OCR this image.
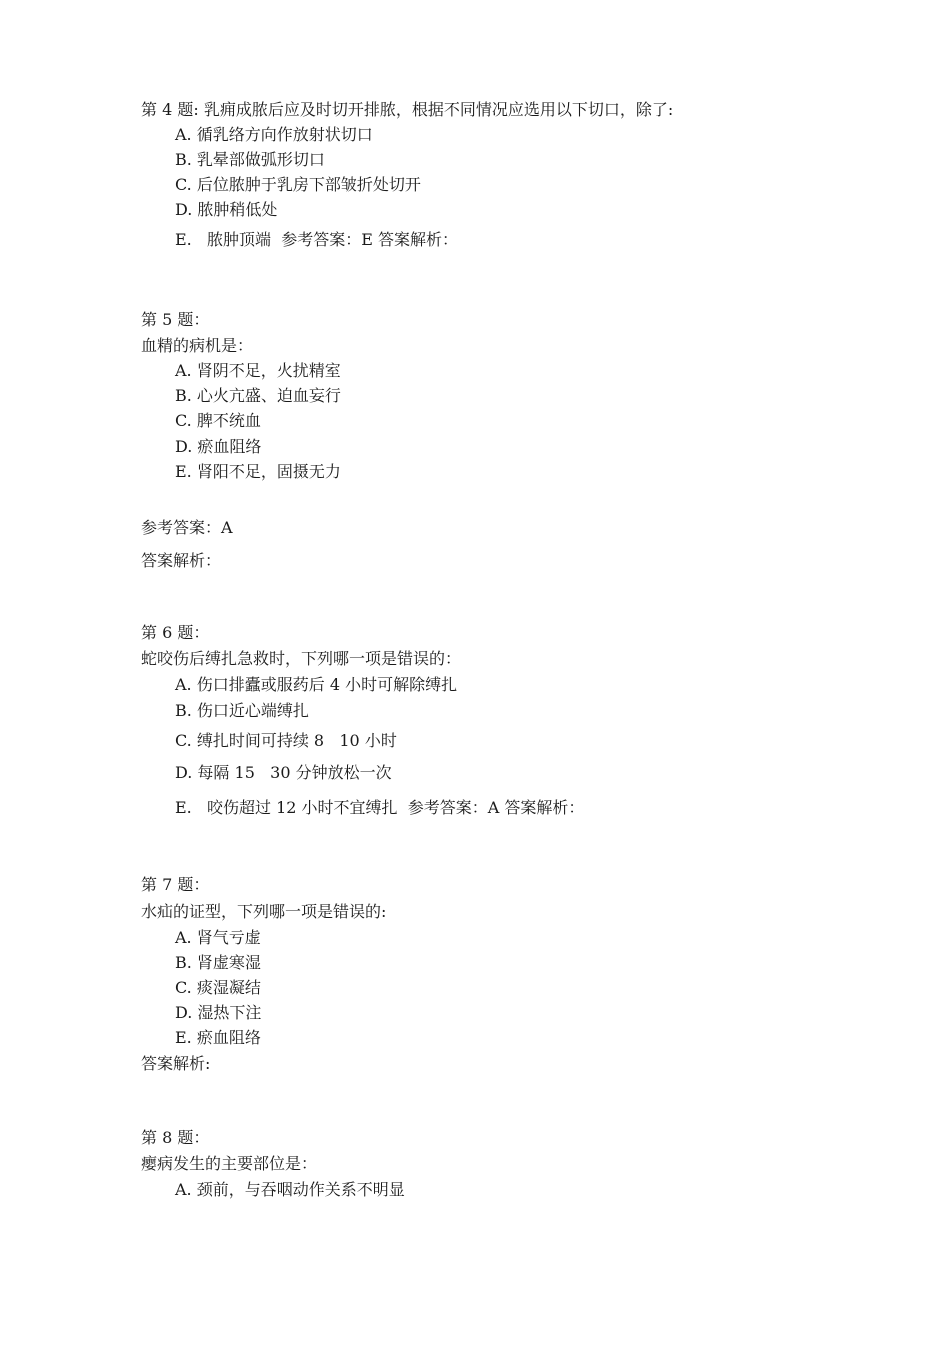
第 4 题: 乳痈成脓后应及时切开排脓，根据不同情况应选用以下切口，除了:
A. 循乳络方向作放射状切口
B. 乳晕部做弧形切口
C. 后位脓肿于乳房下部皱折处切开
D. 脓肿稍低处
E.   脓肿顶端  参考答案：E 答案解析：
第 5 题：
血精的病机是：
A. 肾阴不足，火扰精室
B. 心火亢盛、迫血妄行
C. 脾不统血
D. 瘀血阻络
E. 肾阳不足，固摄无力
参考答案：A
答案解析：
第 6 题：
蛇咬伤后缚扎急救时，下列哪一项是错误的：
A. 伤口排蠹或服药后 4 小时可解除缚扎
B. 伤口近心端缚扎
C. 缚扎时间可持续 8   10 小时
D. 每隔 15   30 分钟放松一次
E.   咬伤超过 12 小时不宜缚扎  参考答案：A 答案解析：
第 7 题：
水疝的证型，下列哪一项是错误的:
A. 肾气亏虚
B. 肾虚寒湿
C. 痰湿凝结
D. 湿热下注
E. 瘀血阻络
答案解析:
第 8 题：
瘿病发生的主要部位是：
A. 颈前，与吞咽动作关系不明显
